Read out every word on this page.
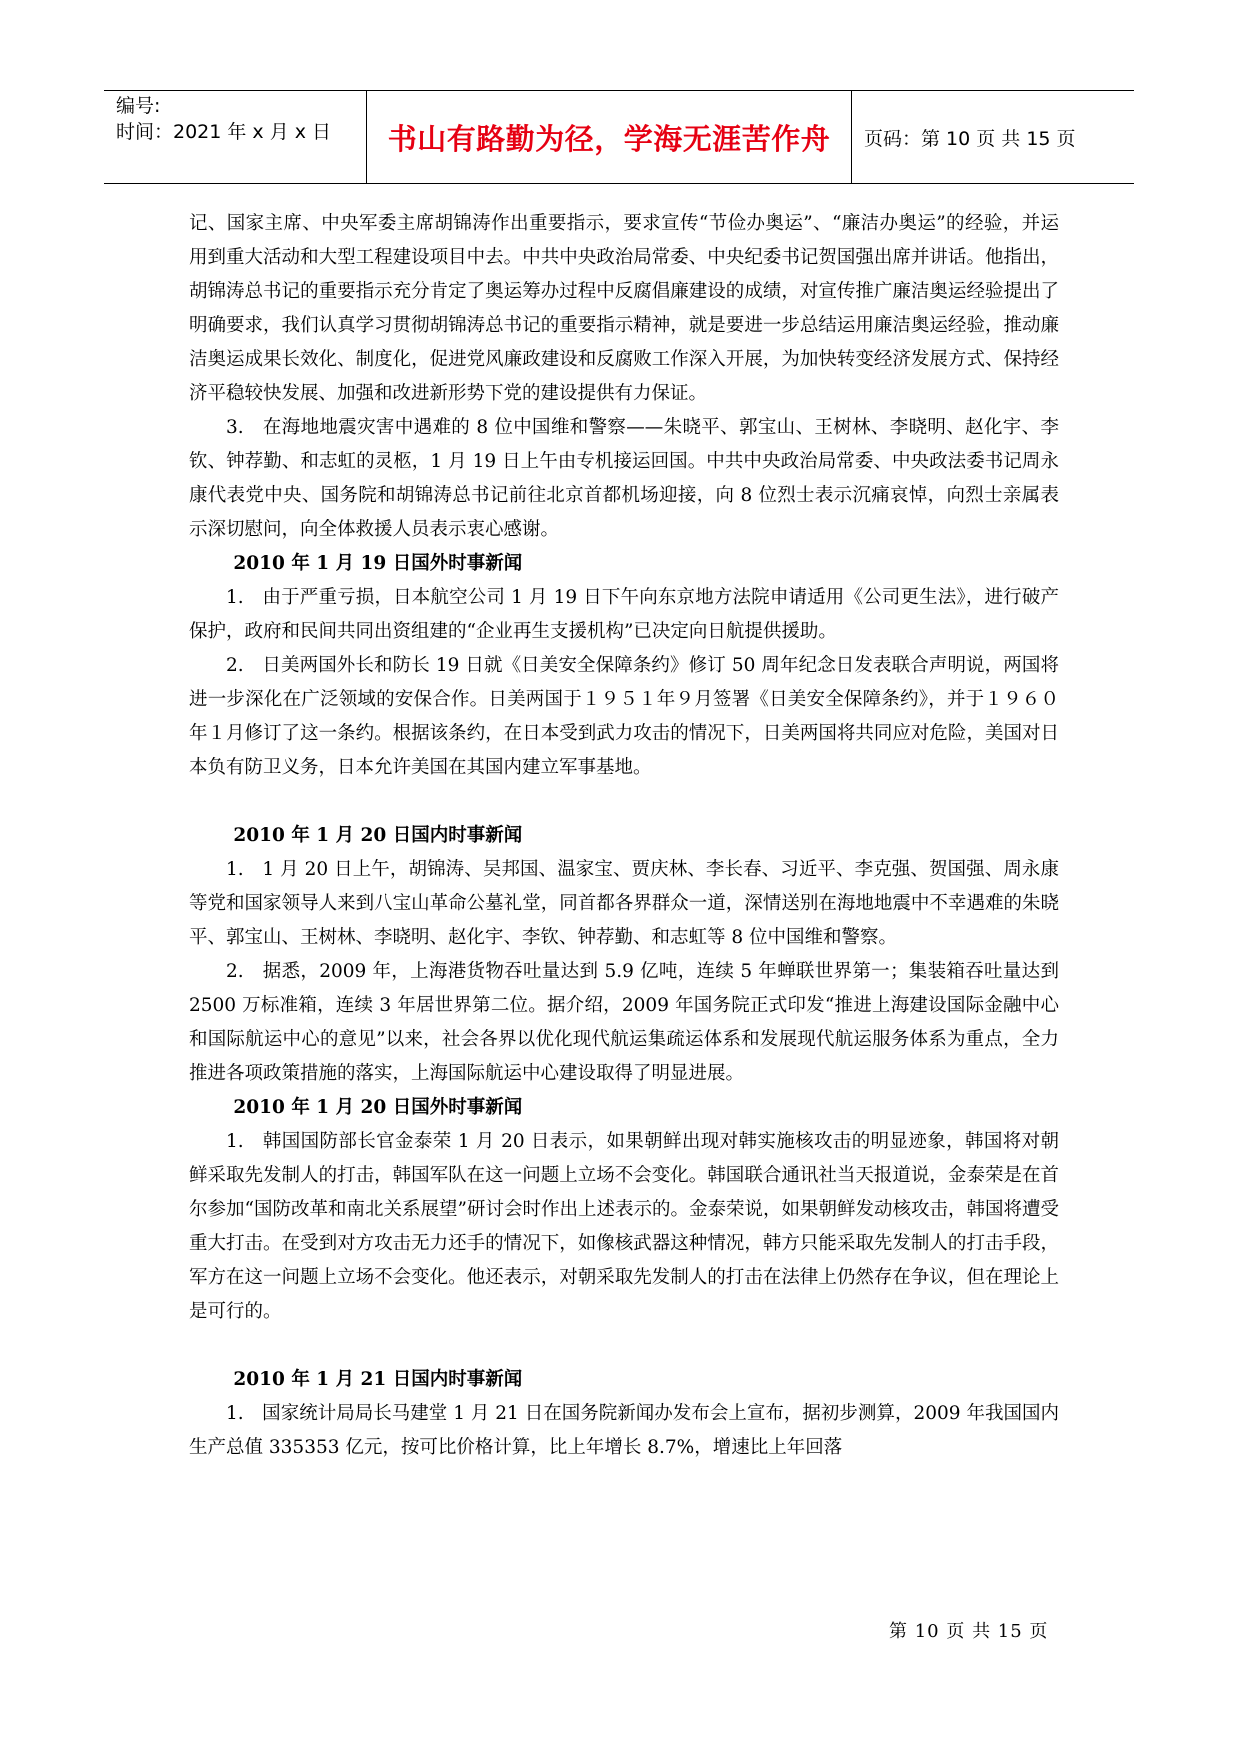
编号:
时间：2021 年 x 月 x 日	书山有路勤为径，学海无涯苦作舟	页码：第 10 页 共 15 页

记、国家主席、中央军委主席胡锦涛作出重要指示，要求宣传“节俭办奥运”、“廉洁办奥运”的经验，并运用到重大活动和大型工程建设项目中去。中共中央政治局常委、中央纪委书记贺国强出席并讲话。他指出，胡锦涛总书记的重要指示充分肯定了奥运筹办过程中反腐倡廉建设的成绩，对宣传推广廉洁奥运经验提出了明确要求，我们认真学习贯彻胡锦涛总书记的重要指示精神，就是要进一步总结运用廉洁奥运经验，推动廉洁奥运成果长效化、制度化，促进党风廉政建设和反腐败工作深入开展，为加快转变经济发展方式、保持经济平稳较快发展、加强和改进新形势下党的建设提供有力保证。

3.　在海地地震灾害中遇难的 8 位中国维和警察——朱晓平、郭宝山、王树林、李晓明、赵化宇、李钦、钟荐勤、和志虹的灵柩，1 月 19 日上午由专机接运回国。中共中央政治局常委、中央政法委书记周永康代表党中央、国务院和胡锦涛总书记前往北京首都机场迎接，向 8 位烈士表示沉痛哀悼，向烈士亲属表示深切慰问，向全体救援人员表示衷心感谢。

2010 年 1 月 19 日国外时事新闻

1.　由于严重亏损，日本航空公司 1 月 19 日下午向东京地方法院申请适用《公司更生法》，进行破产保护，政府和民间共同出资组建的“企业再生支援机构”已决定向日航提供援助。

2.　日美两国外长和防长 19 日就《日美安全保障条约》修订 50 周年纪念日发表联合声明说，两国将进一步深化在广泛领域的安保合作。日美两国于１９５１年９月签署《日美安全保障条约》，并于１９６０年１月修订了这一条约。根据该条约，在日本受到武力攻击的情况下，日美两国将共同应对危险，美国对日本负有防卫义务，日本允许美国在其国内建立军事基地。

2010 年 1 月 20 日国内时事新闻

1.　1 月 20 日上午，胡锦涛、吴邦国、温家宝、贾庆林、李长春、习近平、李克强、贺国强、周永康等党和国家领导人来到八宝山革命公墓礼堂，同首都各界群众一道，深情送别在海地地震中不幸遇难的朱晓平、郭宝山、王树林、李晓明、赵化宇、李钦、钟荐勤、和志虹等 8 位中国维和警察。

2.　据悉，2009 年，上海港货物吞吐量达到 5.9 亿吨，连续 5 年蝉联世界第一；集装箱吞吐量达到 2500 万标准箱，连续 3 年居世界第二位。据介绍，2009 年国务院正式印发“推进上海建设国际金融中心和国际航运中心的意见”以来，社会各界以优化现代航运集疏运体系和发展现代航运服务体系为重点，全力推进各项政策措施的落实，上海国际航运中心建设取得了明显进展。

2010 年 1 月 20 日国外时事新闻

1.　韩国国防部长官金泰荣 1 月 20 日表示，如果朝鲜出现对韩实施核攻击的明显迹象，韩国将对朝鲜采取先发制人的打击，韩国军队在这一问题上立场不会变化。韩国联合通讯社当天报道说，金泰荣是在首尔参加“国防改革和南北关系展望”研讨会时作出上述表示的。金泰荣说，如果朝鲜发动核攻击，韩国将遭受重大打击。在受到对方攻击无力还手的情况下，如像核武器这种情况，韩方只能采取先发制人的打击手段，军方在这一问题上立场不会变化。他还表示，对朝采取先发制人的打击在法律上仍然存在争议，但在理论上是可行的。

2010 年 1 月 21 日国内时事新闻

1.　国家统计局局长马建堂 1 月 21 日在国务院新闻办发布会上宣布，据初步测算，2009 年我国国内生产总值 335353 亿元，按可比价格计算，比上年增长 8.7%，增速比上年回落

第 10 页 共 15 页
